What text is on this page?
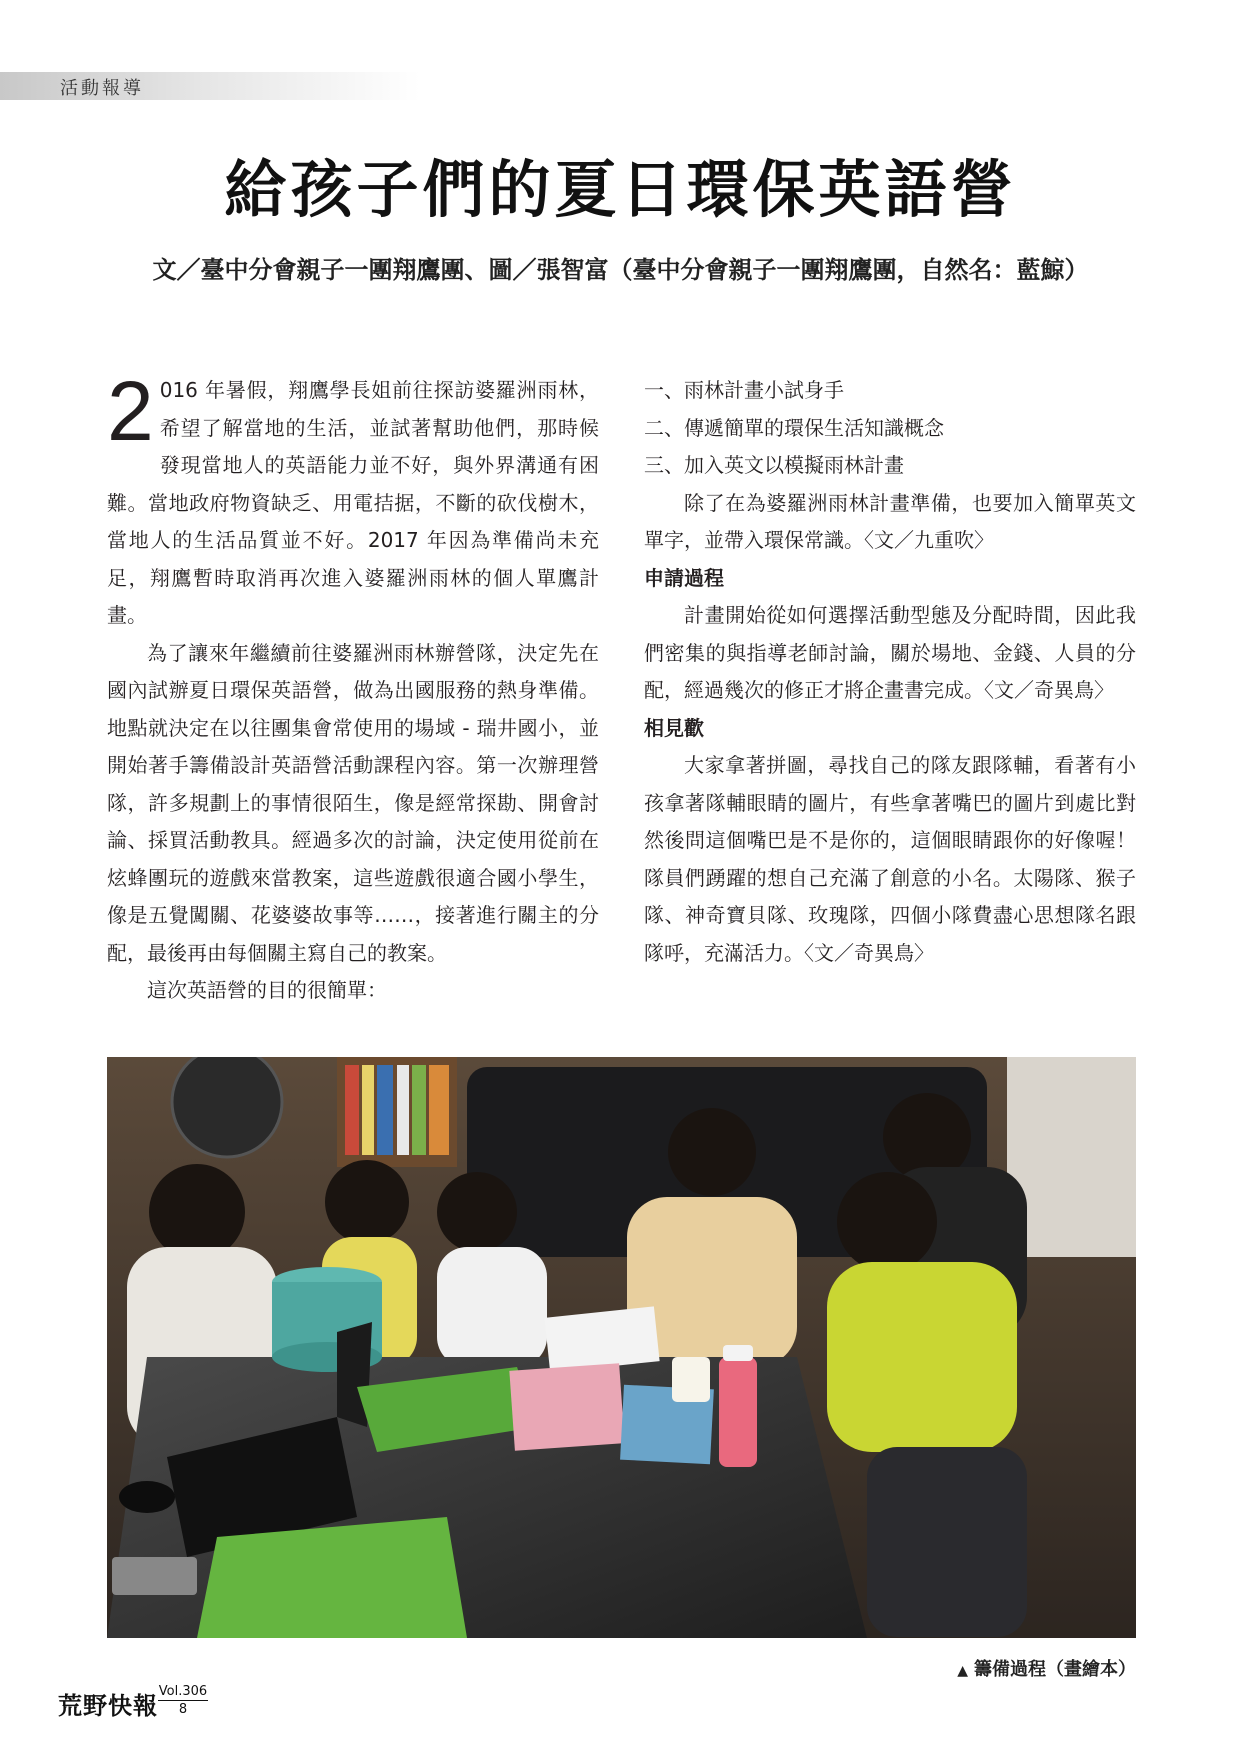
活動報導
給孩子們的夏日環保英語營
文／臺中分會親子一團翔鷹團、圖／張智富（臺中分會親子一團翔鷹團，自然名：藍鯨）

2 016 年暑假，翔鷹學長姐前往探訪婆羅洲雨林，希望了解當地的生活，並試著幫助他們，那時候發現當地人的英語能力並不好，與外界溝通有困難。當地政府物資缺乏、用電拮据，不斷的砍伐樹木，當地人的生活品質並不好。2017 年因為準備尚未充足，翔鷹暫時取消再次進入婆羅洲雨林的個人單鷹計畫。

為了讓來年繼續前往婆羅洲雨林辦營隊，決定先在國內試辦夏日環保英語營，做為出國服務的熱身準備。地點就決定在以往團集會常使用的場域 - 瑞井國小，並開始著手籌備設計英語營活動課程內容。第一次辦理營隊，許多規劃上的事情很陌生，像是經常探勘、開會討論、採買活動教具。經過多次的討論，決定使用從前在炫蜂團玩的遊戲來當教案，這些遊戲很適合國小學生，像是五覺闖關、花婆婆故事等……，接著進行關主的分配，最後再由每個關主寫自己的教案。

這次英語營的目的很簡單：

一、雨林計畫小試身手

二、傳遞簡單的環保生活知識概念

三、加入英文以模擬雨林計畫

除了在為婆羅洲雨林計畫準備，也要加入簡單英文單字，並帶入環保常識。〈文／九重吹〉

申請過程

計畫開始從如何選擇活動型態及分配時間，因此我們密集的與指導老師討論，關於場地、金錢、人員的分配，經過幾次的修正才將企畫書完成。〈文／奇異鳥〉

相見歡

大家拿著拼圖，尋找自己的隊友跟隊輔，看著有小孩拿著隊輔眼睛的圖片，有些拿著嘴巴的圖片到處比對然後問這個嘴巴是不是你的，這個眼睛跟你的好像喔！隊員們踴躍的想自己充滿了創意的小名。太陽隊、猴子隊、神奇寶貝隊、玫瑰隊，四個小隊費盡心思想隊名跟隊呼，充滿活力。〈文／奇異鳥〉

▲ 籌備過程（畫繪本）
荒野快報 Vol.306
8
